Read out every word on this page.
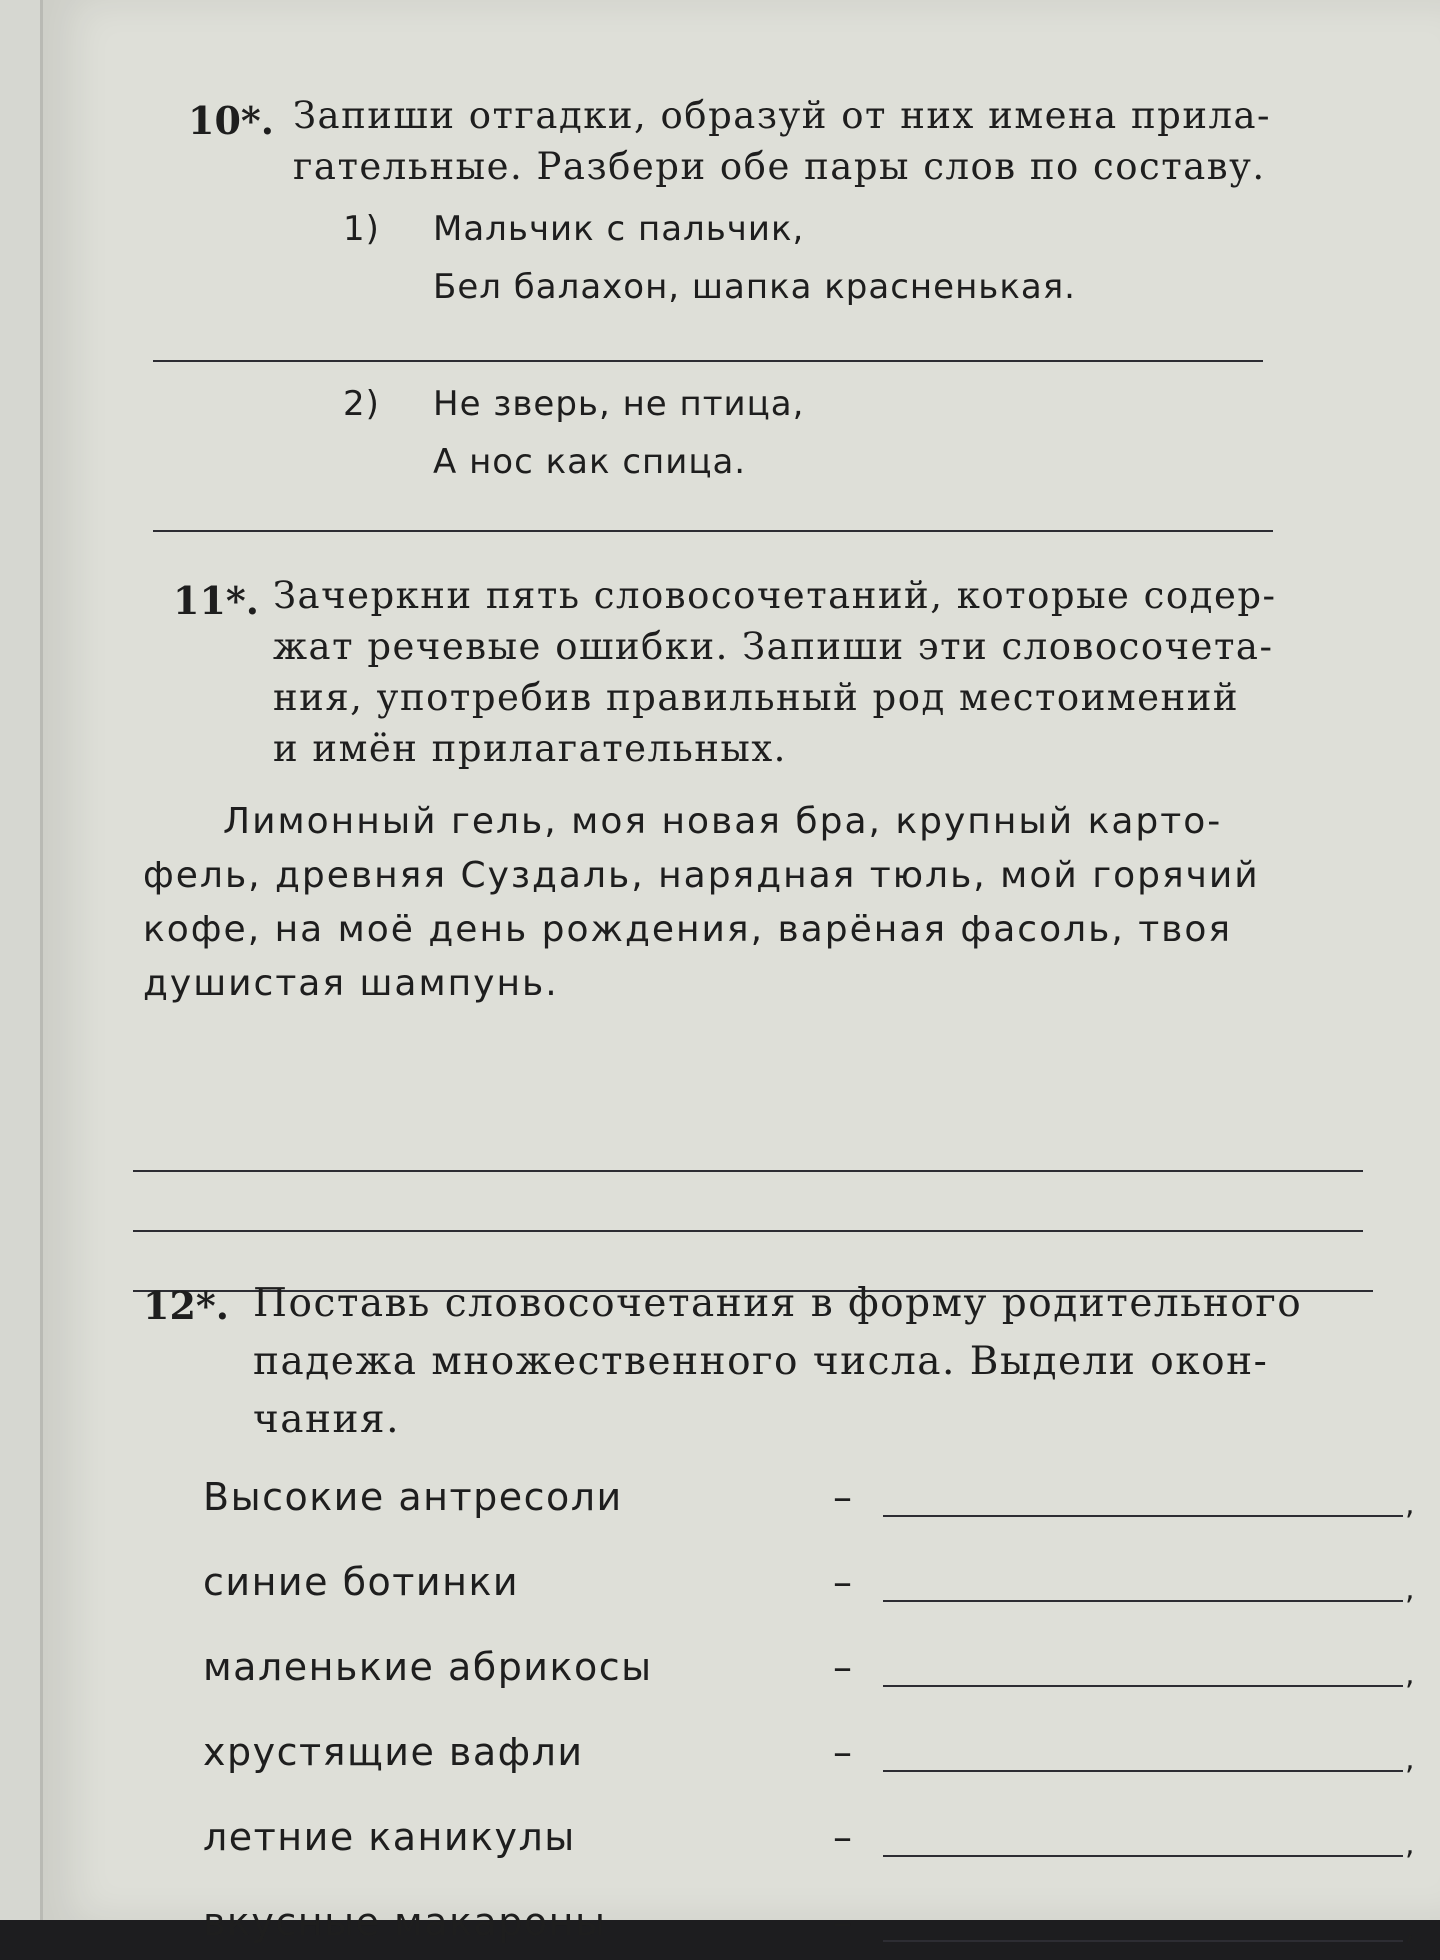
10*. Запиши отгадки, образуй от них имена прила-
гательные. Разбери обе пары слов по составу.
1) Мальчик с пальчик,
Бел балахон, шапка красненькая.
2) Не зверь, не птица,
А нос как спица.
11*. Зачеркни пять словосочетаний, которые содер-
жат речевые ошибки. Запиши эти словосочета-
ния, употребив правильный род местоимений
и имён прилагательных.
Лимонный гель, моя новая бра, крупный карто-
фель, древняя Суздаль, нарядная тюль, мой горячий
кофе, на моё день рождения, варёная фасоль, твоя
душистая шампунь.
12*. Поставь словосочетания в форму родительного
падежа множественного числа. Выдели окон-
чания.
Высокие антресоли	–	,
синие ботинки	–	,
маленькие абрикосы	–	,
хрустящие вафли	–	,
летние каникулы	–	,
вкусные макароны	–	,
